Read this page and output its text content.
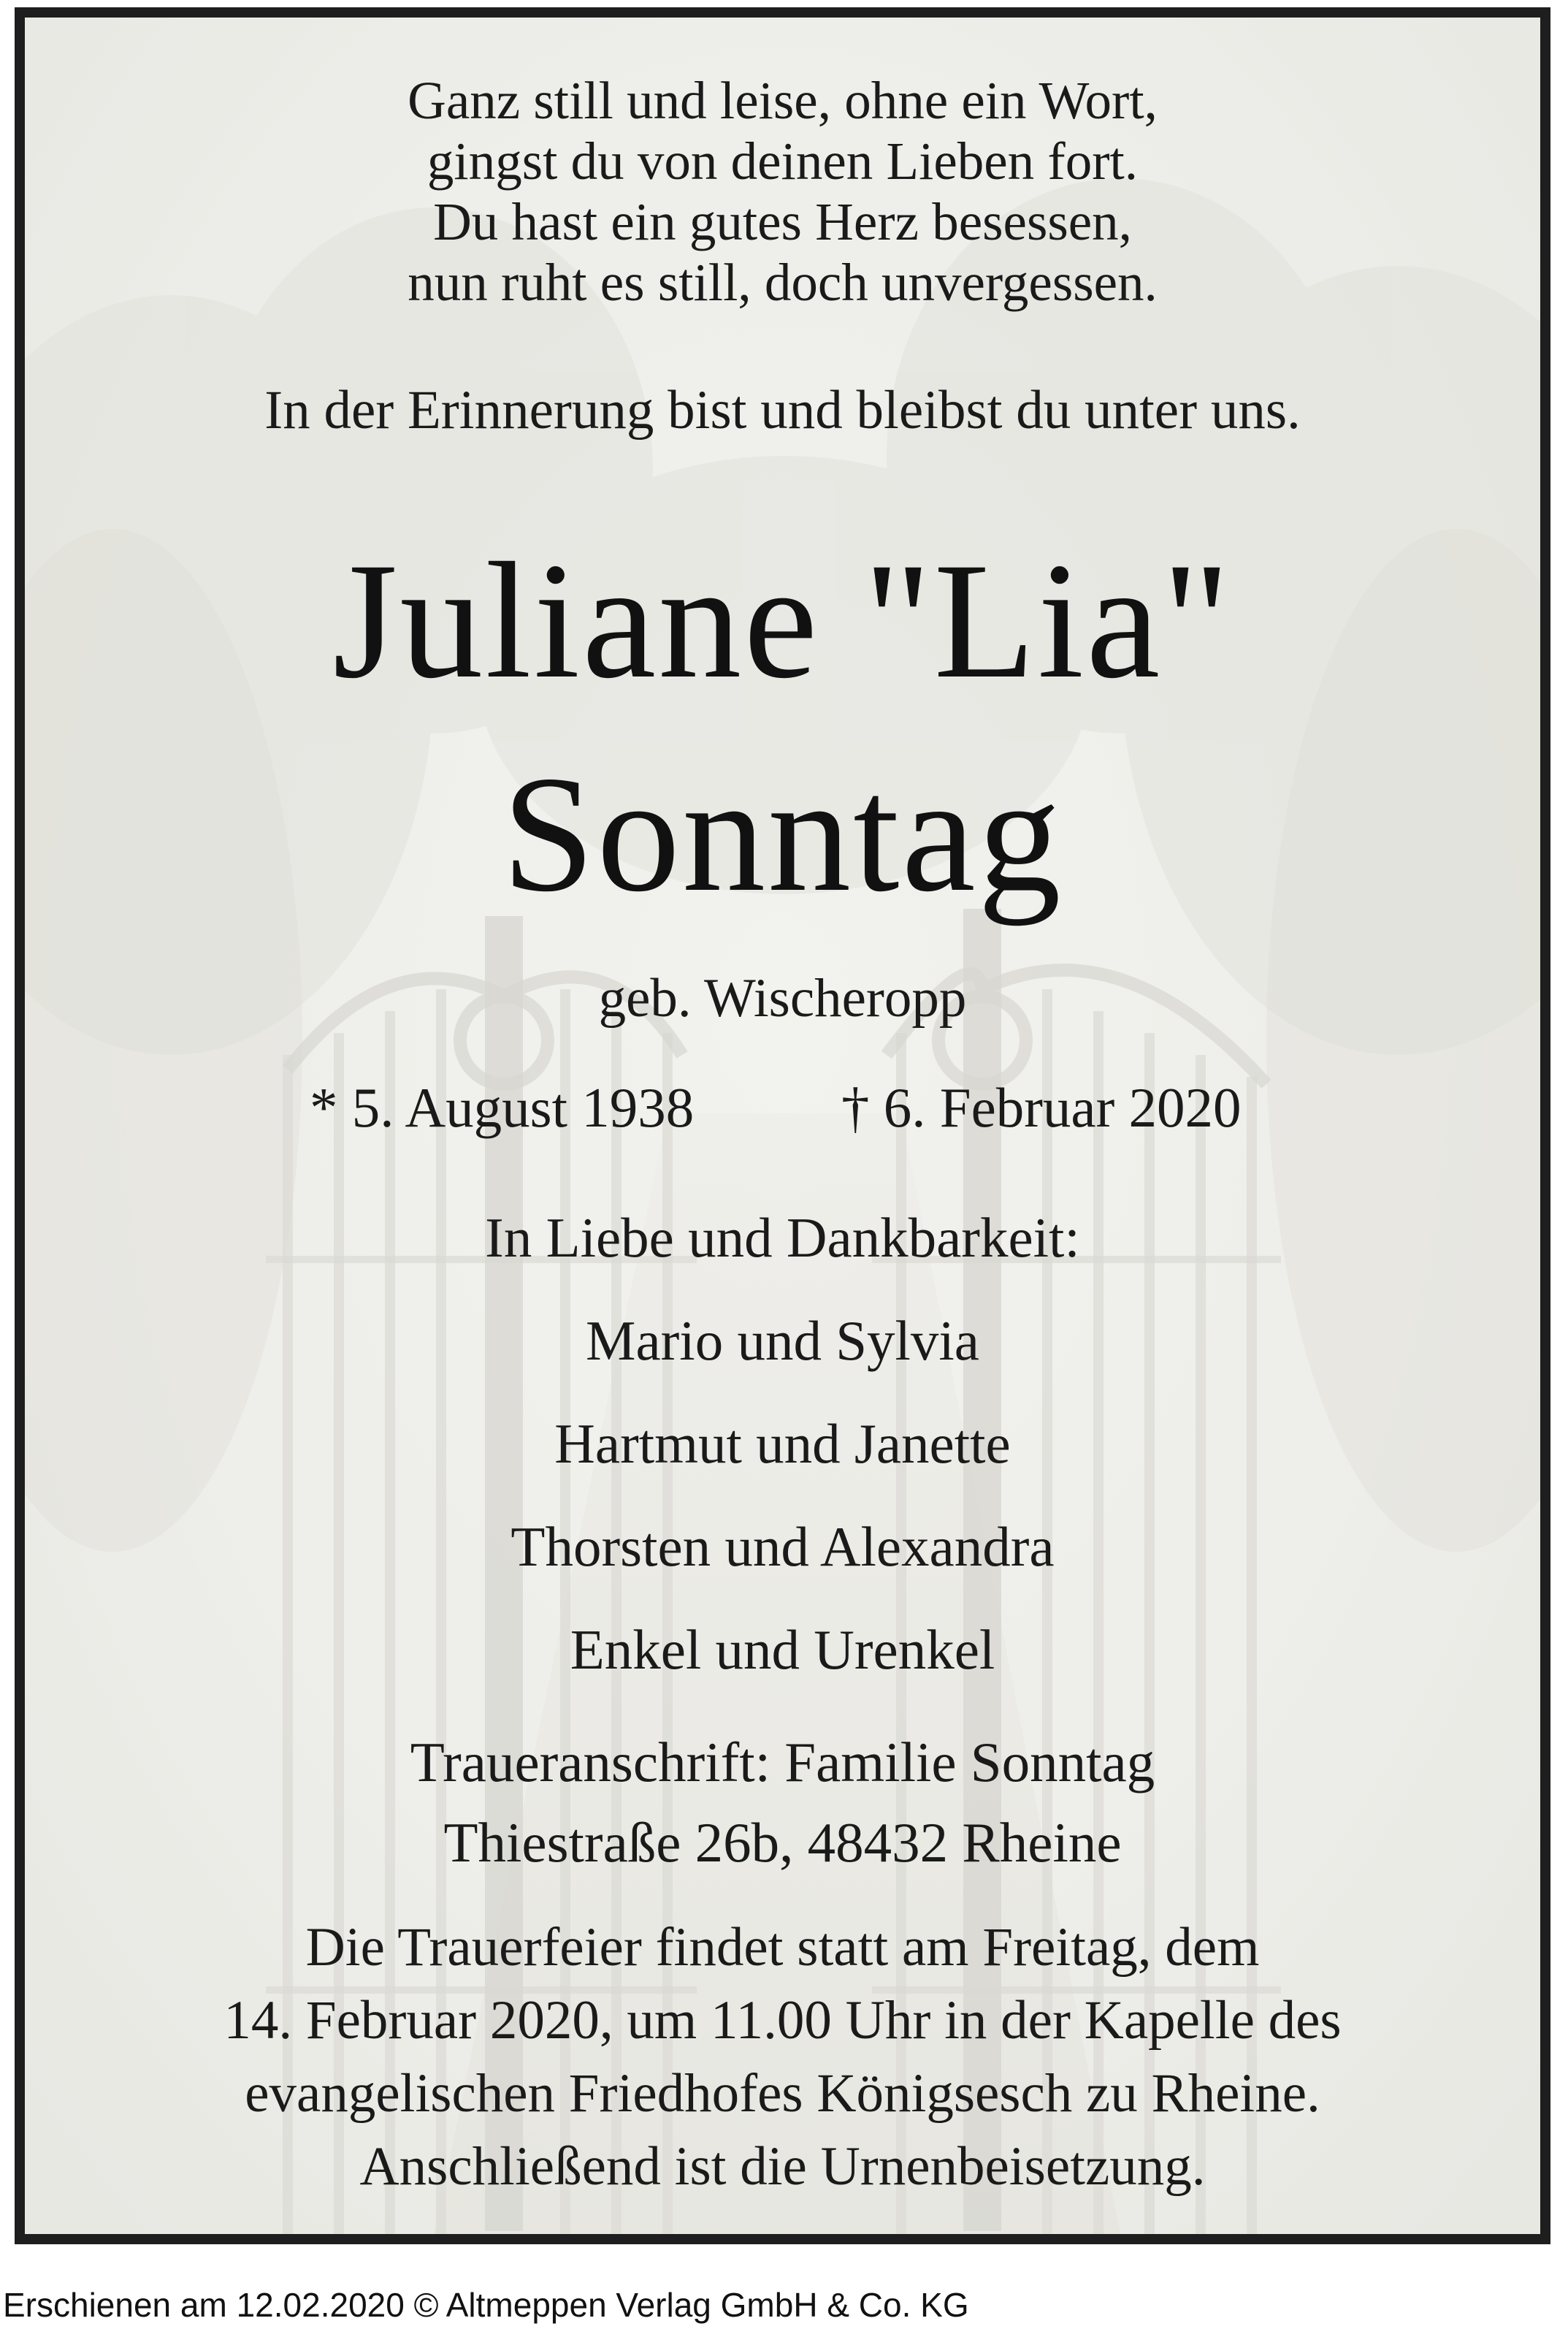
Ganz still und leise, ohne ein Wort,
gingst du von deinen Lieben fort.
Du hast ein gutes Herz besessen,
nun ruht es still, doch unvergessen.
In der Erinnerung bist und bleibst du unter uns.
Juliane "Lia"
Sonntag
geb. Wischeropp
* 5. August 1938	† 6. Februar 2020
In Liebe und Dankbarkeit:
Mario und Sylvia
Hartmut und Janette
Thorsten und Alexandra
Enkel und Urenkel
Traueranschrift: Familie Sonntag
Thiestraße 26b, 48432 Rheine
Die Trauerfeier findet statt am Freitag, dem
14. Februar 2020, um 11.00 Uhr in der Kapelle des
evangelischen Friedhofes Königsesch zu Rheine.
Anschließend ist die Urnenbeisetzung.
Erschienen am 12.02.2020 © Altmeppen Verlag GmbH & Co. KG
